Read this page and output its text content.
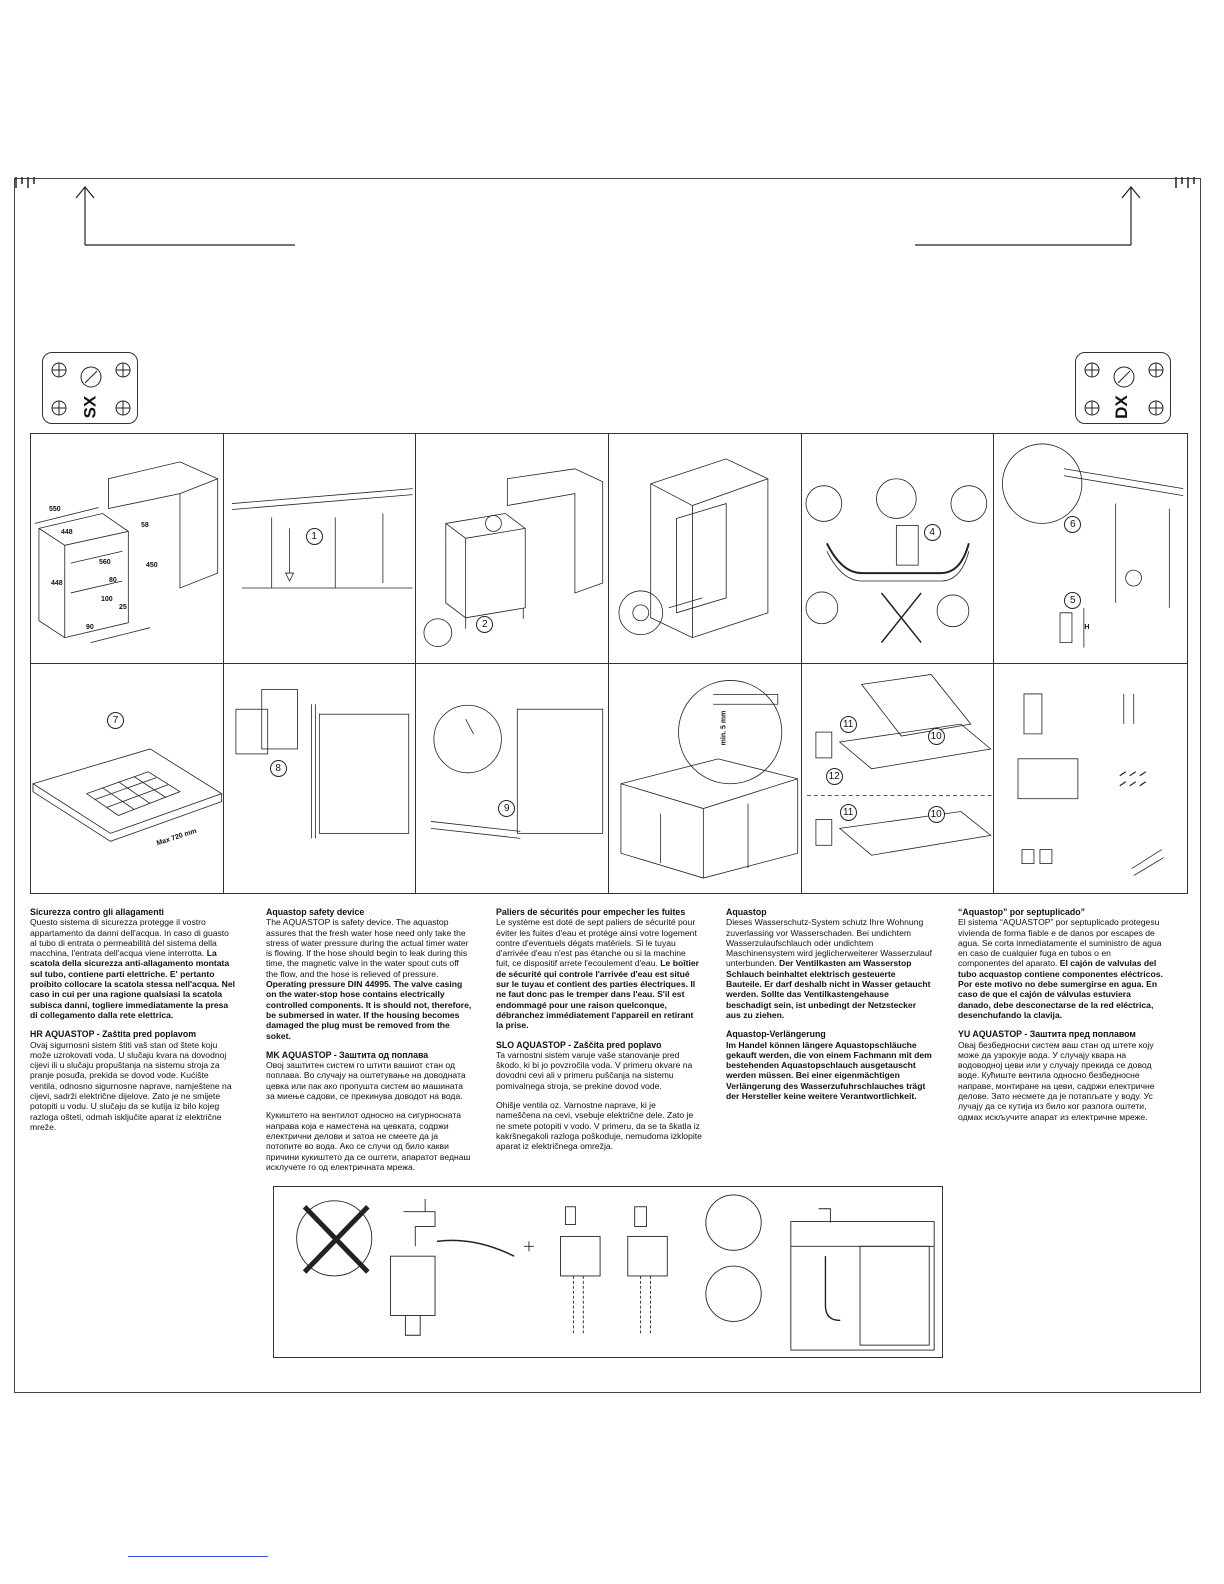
SX	DX
550
448
58
560	450
80
448
100
25
90
1
2
4
6
5
H
7
Max 720 mm
8
9
min. 5 mm	11
10
12
11	10
Sicurezza contro gli allagamenti

Questo sistema di sicurezza protegge il vostro appartamento da danni dell'acqua. In caso di guasto al tubo di entrata o permeabilità del sistema della macchina, l'entrata dell'acqua viene interrotta. La scatola della sicurezza anti-allagamento montata sul tubo, contiene parti elettriche. E' pertanto proibito collocare la scatola stessa nell'acqua. Nel caso in cui per una ragione qualsiasi la scatola subisca danni, togliere immediatamente la presa di collegamento dalla rete elettrica.

HR AQUASTOP - Zaštita pred poplavom

Ovaj sigurnosni sistem štiti vaš stan od štete koju može uzrokovati voda. U slučaju kvara na dovodnoj cijevi ili u slučaju propuštanja na sistemu stroja za pranje posuđa, prekida se dovod vode. Kućište ventila, odnosno sigurnosne naprave, namještene na cijevi, sadrži električne dijelove. Zato je ne smijete potopiti u vodu. U slučaju da se kutija iz bilo kojeg razloga ošteti, odmah isključite aparat iz električne mreže.

Aquastop safety device

The AQUASTOP is safety device. The aquastop assures that the fresh water hose need only take the stress of water pressure during the actual timer water is flowing. If the hose should begin to leak during this time, the magnetic valve in the water spout cuts off the flow, and the hose is relieved of pressure. Operating pressure DIN 44995. The valve casing on the water-stop hose contains electrically controlled components. It is should not, therefore, be submersed in water. If the housing becomes damaged the plug must be removed from the soket.

MK AQUASTOP - Заштита од поплава

Овој заштитен систем го штити вашиот стан од поплава. Во случају на оштетување на доводната цевка или пак ако пропушта систем во машината за миење садови, се прекинува доводот на вода.

Кукиштето на вентилот односно на сигурносната направа која е наместена на цевката, содржи електрични делови и затоа не смеете да ја потопите во вода. Ако се случи од било какви причини кукиштето да се оштети, апаратот веднаш исклучете го од електричната мрежа.

Paliers de sécurités pour empecher les fuites

Le système est doté de sept paliers de sécurité pour éviter les fuites d'eau et protége ainsi votre logement contre d'eventuels dégats matériels. Si le tuyau d'arrivée d'eau n'est pas étanche ou si la machine fuit, ce dispositif arrete l'ecoulement d'eau. Le boîtier de sécurité qui controle l'arrivée d'eau est situé sur le tuyau et contient des parties électriques. Il ne faut donc pas le tremper dans l'eau. S'il est endommagé pour une raison quelconque, débranchez immédiatement l'appareil en retirant la prise.

SLO AQUASTOP - Zaščita pred poplavo

Ta varnostni sistem varuje vaše stanovanje pred škodo, ki bi jo povzročila voda. V primeru okvare na dovodni cevi ali v primeru puščanja na sistemu pomivalnega stroja, se prekine dovod vode.

Ohišje ventila oz. Varnostne naprave, ki je nameščena na cevi, vsebuje električne dele. Zato je ne smete potopiti v vodo. V primeru, da se ta škatla iz kakršnegakoli razloga poškoduje, nemudoma izklopite aparat iz električnega omrežja.

Aquastop

Dieses Wasserschutz-System schutz Ihre Wohnung zuverlassing vor Wasserschaden. Bei undichtem Wasserzulaufschlauch oder undichtem Maschinensystem wird jeglicherweiterer Wasserzulauf unterbunden. Der Ventilkasten am Wasserstop Schlauch beinhaltet elektrisch gesteuerte Bauteile. Er darf deshalb nicht in Wasser getaucht werden. Sollte das Ventilkastengehause beschadigt sein, ist unbedingt der Netzstecker aus zu ziehen.

Aquastop-Verlängerung

Im Handel können längere Aquastopschläuche gekauft werden, die von einem Fachmann mit dem bestehenden Aquastopschlauch ausgetauscht werden müssen. Bei einer eigenmächtigen Verlängerung des Wasserzufuhrschlauches trägt der Hersteller keine weitere Verantwortlichkeit.

“Aquastop” por septuplicado”

El sistema “AQUASTOP” por septuplicado protegesu vivienda de forma fiable e de danos por escapes de agua. Se corta inmediatamente el suministro de agua en caso de cualquier fuga en tubos o en componentes del aparato. El cajón de valvulas del tubo acquastop contiene componentes eléctricos. Por este motivo no debe sumergirse en agua. En caso de que el cajón de válvulas estuviera danado, debe desconectarse de la red eléctrica, desenchufando la clavija.

YU AQUASTOP - Заштита пред поплавом

Овај безбедносни систем ваш стан од штете коју може да узрокује вода. У случају квара на водоводној цеви или у случају прекида се довод воде. Кућиште вентила односно безбедносне направе, монтиране на цеви, садржи електричне делове. Зато несмете да је потапљате у воду. Ус лучају да се кутија из било ког разлога оштети, одмах искључите апарат из електричне мреже.
